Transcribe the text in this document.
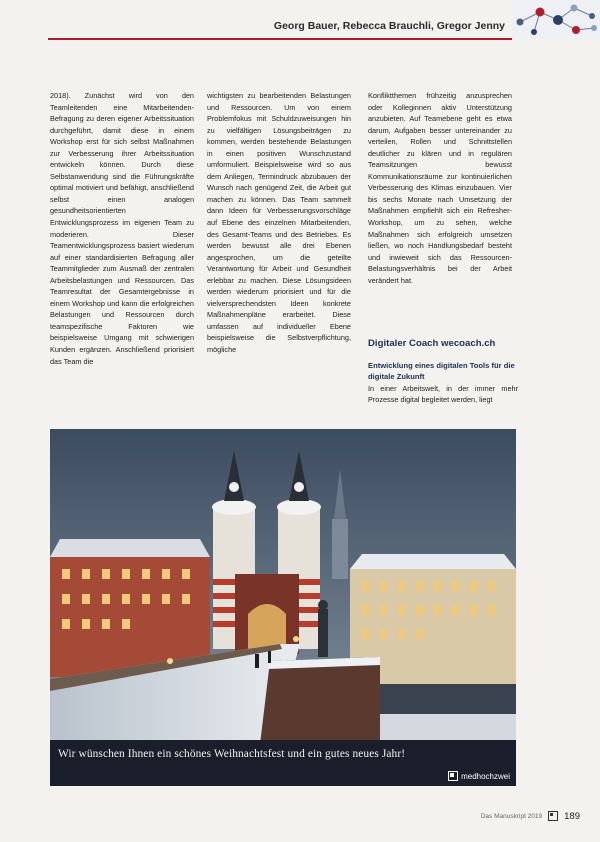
Georg Bauer, Rebecca Brauchli, Gregor Jenny

2018). Zunächst wird von den Teamleitenden eine Mitarbeitenden-Befragung zu deren eigener Arbeitssituation durchgeführt, damit diese in einem Workshop erst für sich selbst Maßnahmen zur Verbesserung ihrer Arbeitssituation entwickeln können. Durch diese Selbstanwendung sind die Führungskräfte optimal motiviert und befähigt, anschließend selbst einen analogen gesundheitsorientierten Entwicklungsprozess im eigenen Team zu moderieren. Dieser Teamentwicklungsprozess basiert wiederum auf einer standardisierten Befragung aller Teammitglieder zum Ausmaß der zentralen Arbeitsbelastungen und Ressourcen. Das Teamresultat der Gesamtergebnisse in einem Workshop und kann die erfolgreichen Belastungen und Ressourcen durch teamspezifische Faktoren wie beispielsweise Umgang mit schwierigen Kunden ergänzen. Anschließend priorisiert das Team die

wichtigsten zu bearbeitenden Belastungen und Ressourcen. Um von einem Problemfokus mit Schuldzuweisungen hin zu vielfältigen Lösungsbeiträgen zu kommen, werden bestehende Belastungen in einen positiven Wunschzustand umformuliert. Beispielsweise wird so aus dem Anliegen, Termindruck abzubauen der Wunsch nach genügend Zeit, die Arbeit gut machen zu können. Das Team sammelt dann Ideen für Verbesserungsvorschläge auf Ebene des einzelnen Mitarbeitenden, des Gesamt-Teams und des Betriebes. Es werden bewusst alle drei Ebenen angesprochen, um die geteilte Verantwortung für Arbeit und Gesundheit erlebbar zu machen. Diese Lösungsideen werden wiederum priorisiert und für die vielversprechendsten Ideen konkrete Maßnahmenpläne erarbeitet. Diese umfassen auf individueller Ebene beispielsweise die Selbstverpflichtung, mögliche

Konfliktthemen frühzeitig anzusprechen oder Kolleginnen aktiv Unterstützung anzubieten. Auf Teamebene geht es etwa darum, Aufgaben besser untereinander zu verteilen, Rollen und Schnittstellen deutlicher zu klären und in regulären Teamsitzungen bewusst Kommunikationsräume zur kontinuierlichen Verbesserung des Klimas einzubauen. Vier bis sechs Monate nach Umsetzung der Maßnahmen empfiehlt sich ein Refresher-Workshop, um zu sehen, welche Maßnahmen sich erfolgreich umsetzen ließen, wo noch Handlungsbedarf besteht und inwieweit sich das Ressourcen-Belastungsverhältnis bei der Arbeit verändert hat.

Digitaler Coach wecoach.ch
Entwicklung eines digitalen Tools für die digitale Zukunft
In einer Arbeitswelt, in der immer mehr Prozesse digital begleitet werden, liegt
Wir wünschen Ihnen ein schönes Weihnachtsfest und ein gutes neues Jahr!
medhochzwei
Das Manuskript 2019 189
